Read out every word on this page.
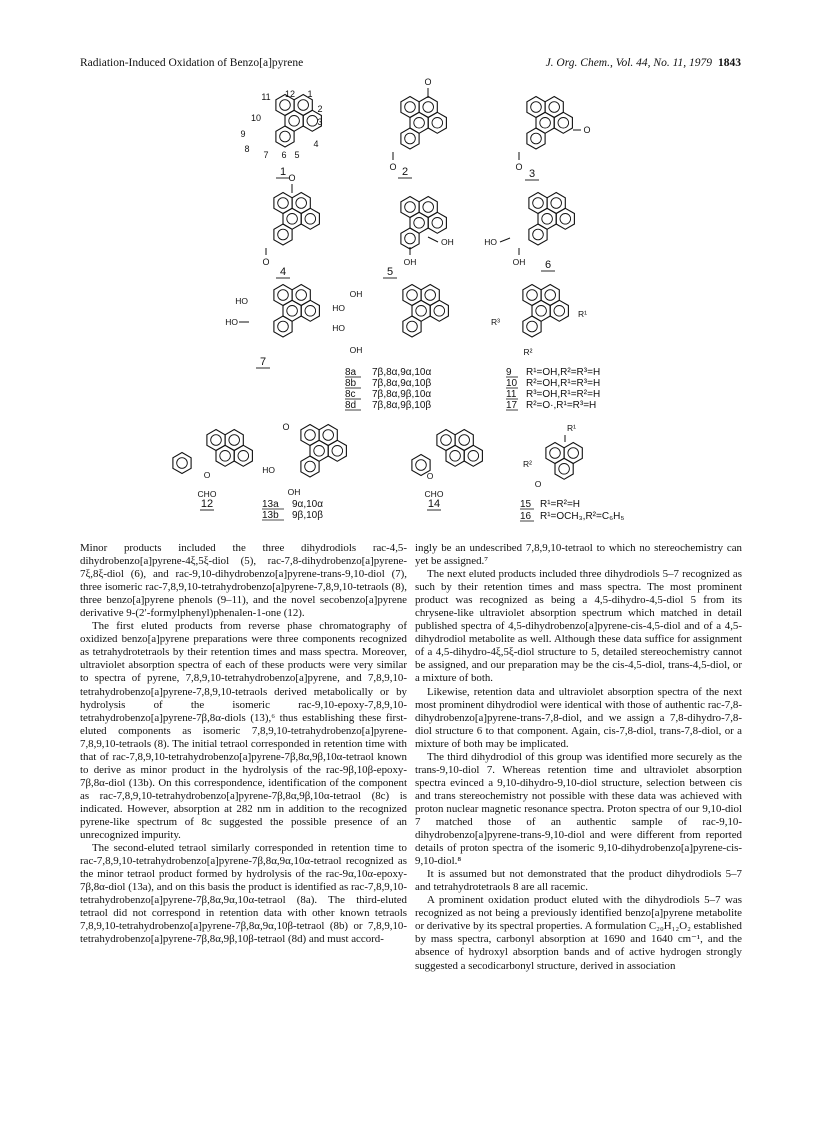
Radiation-Induced Oxidation of Benzo[a]pyrene	J. Org. Chem., Vol. 44, No. 11, 1979 1843
1
2
3
4
5
6
7
8
9
10
11 12
1
O
O 2
O
O
3
O
O
4
OH
OH
5
HO
OH 6
HO
HO
7
OH
HO
HO
OH
8a 7β,8α,9α,10α
8b 7β,8α,9α,10β
8c 7β,8α,9β,10α
8d 7β,8α,9β,10β
R¹
R³
R²
9 R¹=OH,R²=R³=H
10 R²=OH,R¹=R³=H
11 R³=OH,R¹=R²=H
17 R²=O·,R¹=R³=H
O
CHO
12
O
HO
OH
13a 9α,10α
13b 9β,10β
O
CHO
14
R¹
R²
O
15 R¹=R²=H
16 R¹=OCH₃,R²=C₆H₅

Minor products included the three dihydrodiols rac-4,5-dihydrobenzo[a]pyrene-4ξ,5ξ-diol (5), rac-7,8-dihydrobenzo[a]pyrene-7ξ,8ξ-diol (6), and rac-9,10-dihydrobenzo[a]pyrene-trans-9,10-diol (7), three isomeric rac-7,8,9,10-tetrahydrobenzo[a]pyrene-7,8,9,10-tetraols (8), three benzo[a]pyrene phenols (9–11), and the novel secobenzo[a]pyrene derivative 9-(2′-formylphenyl)phenalen-1-one (12).

The first eluted products from reverse phase chromatography of oxidized benzo[a]pyrene preparations were three components recognized as tetrahydrotetraols by their retention times and mass spectra. Moreover, ultraviolet absorption spectra of each of these products were very similar to spectra of pyrene, 7,8,9,10-tetrahydrobenzo[a]pyrene, and 7,8,9,10-tetrahydrobenzo[a]pyrene-7,8,9,10-tetraols derived metabolically or by hydrolysis of the isomeric rac-9,10-epoxy-7,8,9,10-tetrahydrobenzo[a]pyrene-7β,8α-diols (13),⁶ thus establishing these first-eluted components as isomeric 7,8,9,10-tetrahydrobenzo[a]pyrene-7,8,9,10-tetraols (8). The initial tetraol corresponded in retention time with that of rac-7,8,9,10-tetrahydrobenzo[a]pyrene-7β,8α,9β,10α-tetraol known to derive as minor product in the hydrolysis of the rac-9β,10β-epoxy-7β,8α-diol (13b). On this correspondence, identification of the component as rac-7,8,9,10-tetrahydrobenzo[a]pyrene-7β,8α,9β,10α-tetraol (8c) is indicated. However, absorption at 282 nm in addition to the recognized pyrene-like spectrum of 8c suggested the possible presence of an unrecognized impurity.

The second-eluted tetraol similarly corresponded in retention time to rac-7,8,9,10-tetrahydrobenzo[a]pyrene-7β,8α,9α,10α-tetraol recognized as the minor tetraol product formed by hydrolysis of the rac-9α,10α-epoxy-7β,8α-diol (13a), and on this basis the product is identified as rac-7,8,9,10-tetrahydrobenzo[a]pyrene-7β,8α,9α,10α-tetraol (8a). The third-eluted tetraol did not correspond in retention data with other known tetraols 7,8,9,10-tetrahydrobenzo[a]pyrene-7β,8α,9α,10β-tetraol (8b) or 7,8,9,10-tetrahydrobenzo[a]pyrene-7β,8α,9β,10β-tetraol (8d) and must accord-

ingly be an undescribed 7,8,9,10-tetraol to which no stereochemistry can yet be assigned.⁷

The next eluted products included three dihydrodiols 5–7 recognized as such by their retention times and mass spectra. The most prominent product was recognized as being a 4,5-dihydro-4,5-diol 5 from its chrysene-like ultraviolet absorption spectrum which matched in detail published spectra of 4,5-dihydrobenzo[a]pyrene-cis-4,5-diol and of a 4,5-dihydrodiol metabolite as well. Although these data suffice for assignment of a 4,5-dihydro-4ξ,5ξ-diol structure to 5, detailed stereochemistry cannot be assigned, and our preparation may be the cis-4,5-diol, trans-4,5-diol, or a mixture of both.

Likewise, retention data and ultraviolet absorption spectra of the next most prominent dihydrodiol were identical with those of authentic rac-7,8-dihydrobenzo[a]pyrene-trans-7,8-diol, and we assign a 7,8-dihydro-7,8-diol structure 6 to that component. Again, cis-7,8-diol, trans-7,8-diol, or a mixture of both may be implicated.

The third dihydrodiol of this group was identified more securely as the trans-9,10-diol 7. Whereas retention time and ultraviolet absorption spectra evinced a 9,10-dihydro-9,10-diol structure, selection between cis and trans stereochemistry not possible with these data was achieved with proton nuclear magnetic resonance spectra. Proton spectra of our 9,10-diol 7 matched those of an authentic sample of rac-9,10-dihydrobenzo[a]pyrene-trans-9,10-diol and were different from reported details of proton spectra of the isomeric 9,10-dihydrobenzo[a]pyrene-cis-9,10-diol.⁸

It is assumed but not demonstrated that the product dihydrodiols 5–7 and tetrahydrotetraols 8 are all racemic.

A prominent oxidation product eluted with the dihydrodiols 5–7 was recognized as not being a previously identified benzo[a]pyrene metabolite or derivative by its spectral properties. A formulation C₂₀H₁₂O₂ established by mass spectra, carbonyl absorption at 1690 and 1640 cm⁻¹, and the absence of hydroxyl absorption bands and of active hydrogen strongly suggested a secodicarbonyl structure, derived in association
